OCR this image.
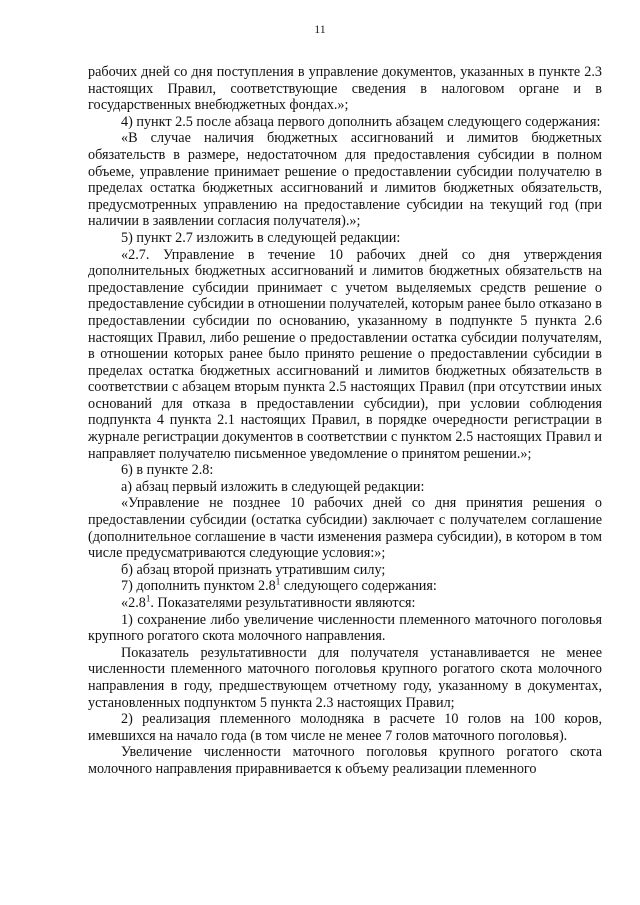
11

рабочих дней со дня поступления в управление документов, указанных в пункте 2.3 настоящих Правил, соответствующие сведения в налоговом органе и в государственных внебюджетных фондах.»;

4) пункт 2.5 после абзаца первого дополнить абзацем следующего содержания:

«В случае наличия бюджетных ассигнований и лимитов бюджетных обязательств в размере, недостаточном для предоставления субсидии в полном объеме, управление принимает решение о предоставлении субсидии получателю в пределах остатка бюджетных ассигнований и лимитов бюджетных обязательств, предусмотренных управлению на предоставление субсидии на текущий год (при наличии в заявлении согласия получателя).»;

5) пункт 2.7 изложить в следующей редакции:

«2.7. Управление в течение 10 рабочих дней со дня утверждения дополнительных бюджетных ассигнований и лимитов бюджетных обязательств на предоставление субсидии принимает с учетом выделяемых средств решение о предоставление субсидии в отношении получателей, которым ранее было отказано в предоставлении субсидии по основанию, указанному в подпункте 5 пункта 2.6 настоящих Правил, либо решение о предоставлении остатка субсидии получателям, в отношении которых ранее было принято решение о предоставлении субсидии в пределах остатка бюджетных ассигнований и лимитов бюджетных обязательств в соответствии с абзацем вторым пункта 2.5 настоящих Правил (при отсутствии иных оснований для отказа в предоставлении субсидии), при условии соблюдения подпункта 4 пункта 2.1 настоящих Правил, в порядке очередности регистрации в журнале регистрации документов в соответствии с пунктом 2.5 настоящих Правил и направляет получателю письменное уведомление о принятом решении.»;

6) в пункте 2.8:

а) абзац первый изложить в следующей редакции:

«Управление не позднее 10 рабочих дней со дня принятия решения о предоставлении субсидии (остатка субсидии) заключает с получателем соглашение (дополнительное соглашение в части изменения размера субсидии), в котором в том числе предусматриваются следующие условия:»;

б) абзац второй признать утратившим силу;

7) дополнить пунктом $2.8^1$ следующего содержания:

«$2.8^1$. Показателями результативности являются:

1) сохранение либо увеличение численности племенного маточного поголовья крупного рогатого скота молочного направления.

Показатель результативности для получателя устанавливается не менее численности племенного маточного поголовья крупного рогатого скота молочного направления в году, предшествующем отчетному году, указанному в документах, установленных подпунктом 5 пункта 2.3 настоящих Правил;

2) реализация племенного молодняка в расчете 10 голов на 100 коров, имевшихся на начало года (в том числе не менее 7 голов маточного поголовья).

Увеличение численности маточного поголовья крупного рогатого скота молочного направления приравнивается к объему реализации племенного
